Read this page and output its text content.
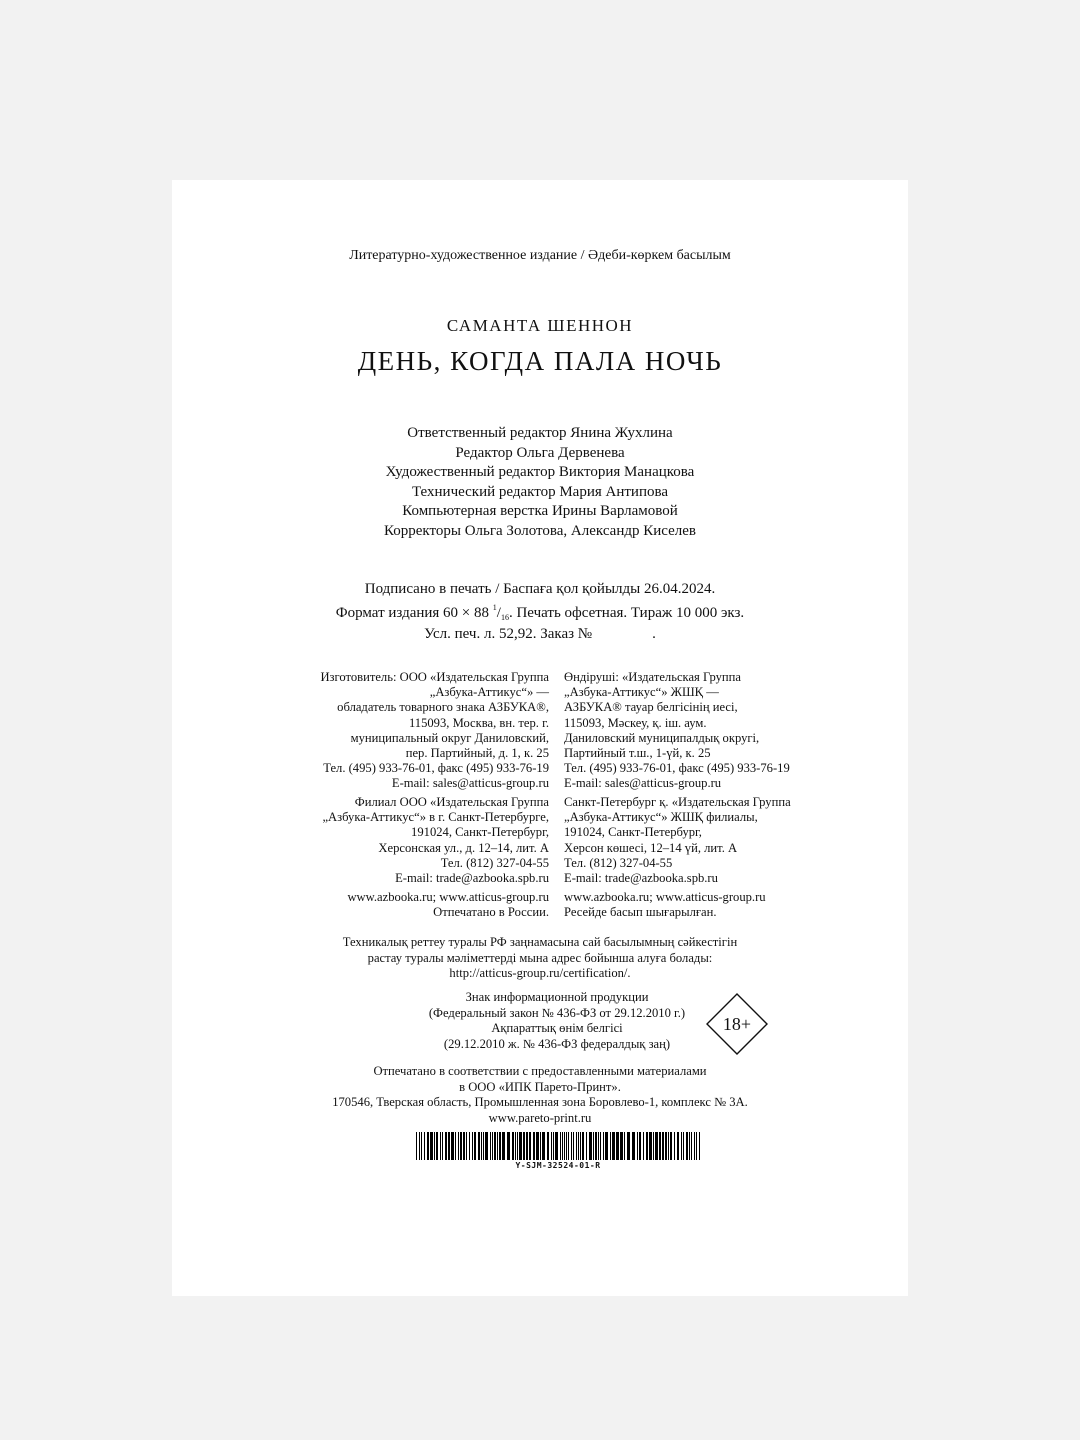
Литературно-художественное издание / Әдеби-көркем басылым
САМАНТА ШЕННОН
ДЕНЬ, КОГДА ПАЛА НОЧЬ
Ответственный редактор Янина Жухлина
Редактор Ольга Дервенева
Художественный редактор Виктория Манацкова
Технический редактор Мария Антипова
Компьютерная верстка Ирины Варламовой
Корректоры Ольга Золотова, Александр Киселев
Подписано в печать / Баспаға қол қойылды 26.04.2024.
Формат издания 60 × 88 $^1/_{16}$. Печать офсетная. Тираж 10 000 экз.
Усл. печ. л. 52,92. Заказ №                .
Изготовитель: ООО «Издательская Группа
„Азбука-Аттикус“» —
обладатель товарного знака АЗБУКА®,
115093, Москва, вн. тер. г.
муниципальный округ Даниловский,
пер. Партийный, д. 1, к. 25
Тел. (495) 933-76-01, факс (495) 933-76-19
E-mail: sales@atticus-group.ru
Өндіруші: «Издательская Группа
„Азбука-Аттикус“» ЖШҚ —
АЗБУКА® тауар белгісінің иесі,
115093, Мәскеу, қ. іш. аум.
Даниловский муниципалдық округі,
Партийный т.ш., 1-үй, к. 25
Тел. (495) 933-76-01, факс (495) 933-76-19
E-mail: sales@atticus-group.ru
Филиал ООО «Издательская Группа
„Азбука-Аттикус“» в г. Санкт-Петербурге,
191024, Санкт-Петербург,
Херсонская ул., д. 12–14, лит. А
Тел. (812) 327-04-55
E-mail: trade@azbooka.spb.ru
Санкт-Петербург қ. «Издательская Группа
„Азбука-Аттикус“» ЖШҚ филиалы,
191024, Санкт-Петербург,
Херсон көшесі, 12–14 үй, лит. А
Тел. (812) 327-04-55
E-mail: trade@azbooka.spb.ru
www.azbooka.ru; www.atticus-group.ru
Отпечатано в России.
www.azbooka.ru; www.atticus-group.ru
Ресейде басып шығарылған.
Техникалық реттеу туралы РФ заңнамасына сай басылымның сәйкестігін
растау туралы мәліметтерді мына адрес бойынша алуға болады:
http://atticus-group.ru/certification/.
Знак информационной продукции
(Федеральный закон № 436-ФЗ от 29.12.2010 г.)
Ақпараттық өнім белгісі
(29.12.2010 ж. № 436-ФЗ федералдық заң)
18+
Отпечатано в соответствии с предоставленными материалами
в ООО «ИПК Парето-Принт».
170546, Тверская область, Промышленная зона Боровлево-1, комплекс № 3А.
www.pareto-print.ru
Y-SJM-32524-01-R
